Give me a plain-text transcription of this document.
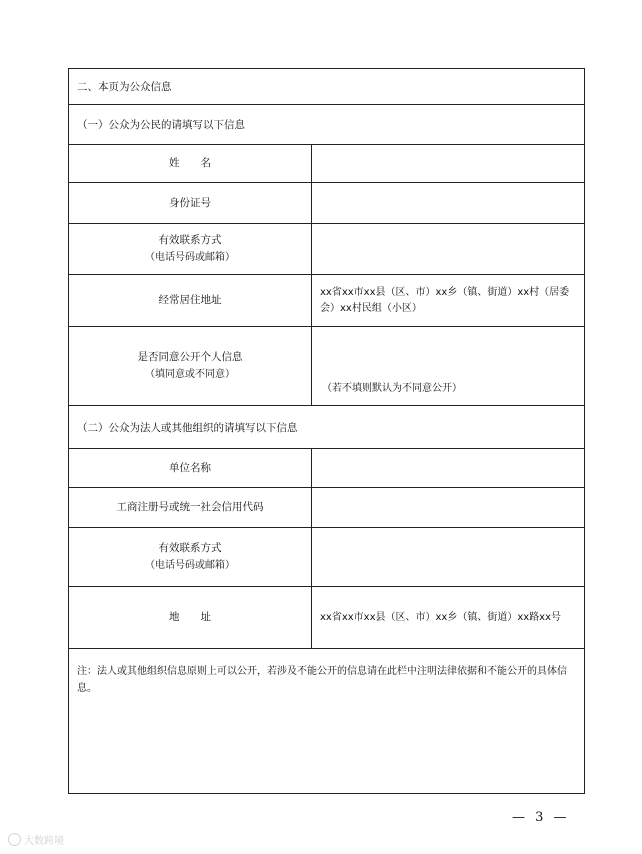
二、本页为公众信息
（一）公众为公民的请填写以下信息
姓　　名
身份证号
有效联系方式
（电话号码或邮箱）
经常居住地址
xx省xx市xx县（区、市）xx乡（镇、街道）xx村（居委会）xx村民组（小区）
是否同意公开个人信息
（填同意或不同意）
（若不填则默认为不同意公开）
（二）公众为法人或其他组织的请填写以下信息
单位名称
工商注册号或统一社会信用代码
有效联系方式
（电话号码或邮箱）
地　　址	xx省xx市xx县（区、市）xx乡（镇、街道）xx路xx号
注：法人或其他组织信息原则上可以公开，若涉及不能公开的信息请在此栏中注明法律依据和不能公开的具体信息。
— 3 —
大数跨境
